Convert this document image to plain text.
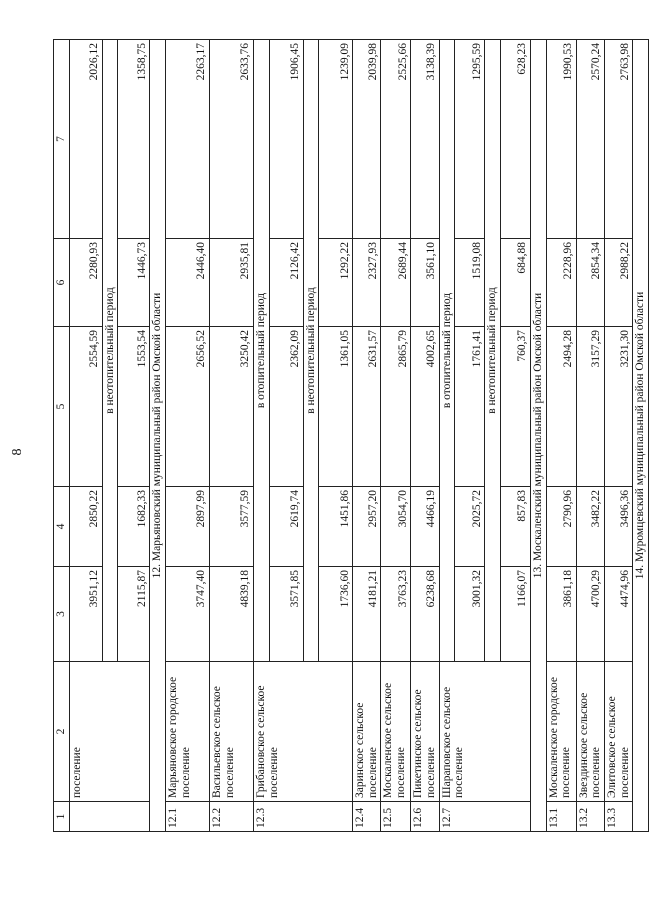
8
1	2	3	4	5	6	7
	поселение	3951,12	2850,22	2554,59	2280,93	2026,12
		в неотопительный период				
		2115,87	1682,33	1553,54	1446,73	1358,75
12. Марьяновский муниципальный район Омской области						
12.1	Марьяновское городское поселение	3747,40	2897,99	2656,52	2446,40	2263,17
12.2	Васильевское сельское поселение	4839,18	3577,59	3250,42	2935,81	2633,76
12.3	Грибановское сельское поселение	в отопительный период				
		3571,85	2619,74	2362,09	2126,42	1906,45
		в неотопительный период				
		1736,60	1451,86	1361,05	1292,22	1239,09
12.4	Заринское сельское поселение	4181,21	2957,20	2631,57	2327,93	2039,98
12.5	Москаленское сельское поселение	3763,23	3054,70	2865,79	2689,44	2525,66
12.6	Пикетинское сельское поселение	6238,68	4466,19	4002,65	3561,10	3138,39
12.7	Шараповское сельское поселение	в отопительный период				
		3001,32	2025,72	1761,41	1519,08	1295,59
		в неотопительный период				
		1166,07	857,83	760,37	684,88	628,23
13. Москаленский муниципальный район Омской области						
13.1	Москаленское городское поселение	3861,18	2790,96	2494,28	2228,96	1990,53
13.2	Звездинское сельское поселение	4700,29	3482,22	3157,29	2854,34	2570,24
13.3	Элитовское сельское поселение	4474,96	3496,36	3231,30	2988,22	2763,98
14. Муромцевский муниципальный район Омской области						
